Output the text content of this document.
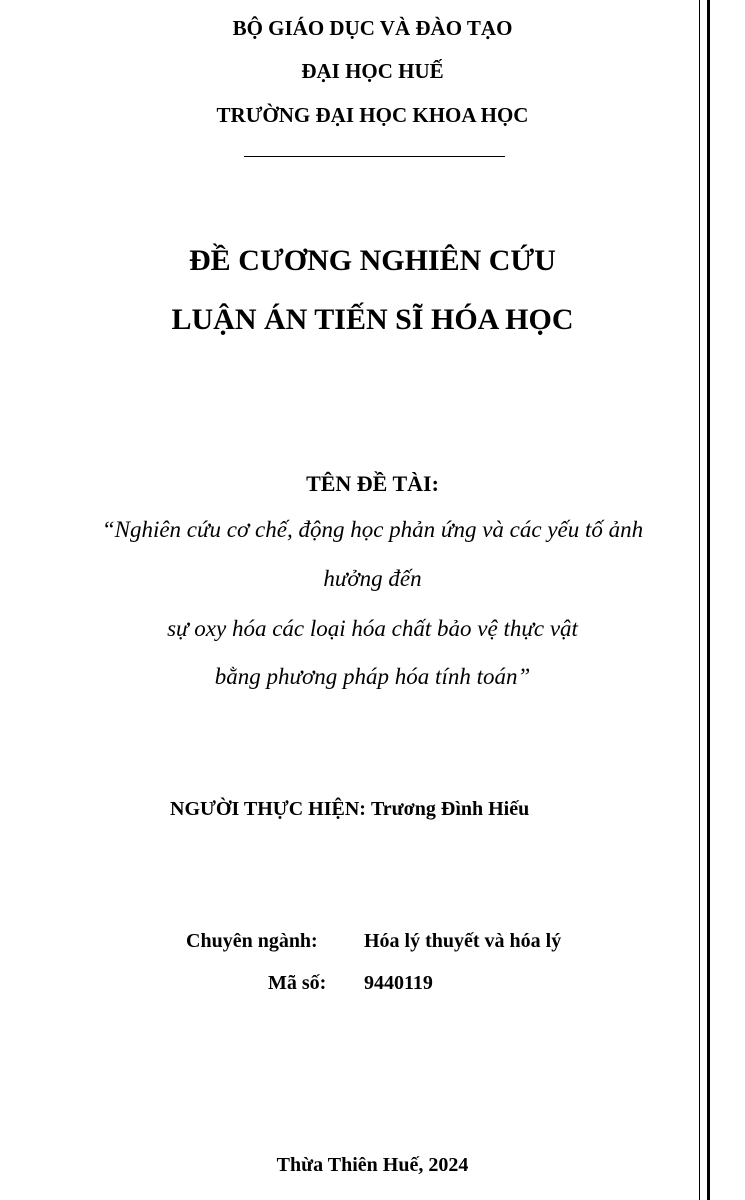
BỘ GIÁO DỤC VÀ ĐÀO TẠO
ĐẠI HỌC HUẾ
TRƯỜNG ĐẠI HỌC KHOA HỌC
ĐỀ CƯƠNG NGHIÊN CỨU
LUẬN ÁN TIẾN SĨ HÓA HỌC
TÊN ĐỀ TÀI:
“Nghiên cứu cơ chế, động học phản ứng và các yếu tố ảnh
hưởng đến
sự oxy hóa các loại hóa chất bảo vệ thực vật
bằng phương pháp hóa tính toán”
NGƯỜI THỰC HIỆN: Trương Đình Hiếu
Chuyên ngành: Hóa lý thuyết và hóa lý
Mã số: 9440119
Thừa Thiên Huế, 2024
